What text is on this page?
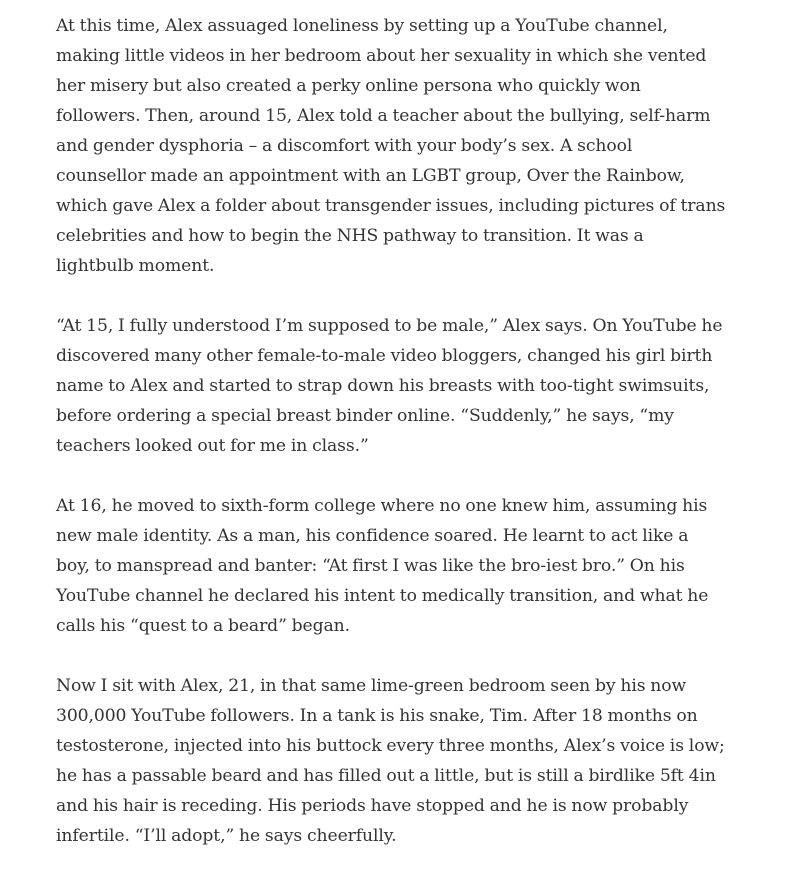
At this time, Alex assuaged loneliness by setting up a YouTube channel, making little videos in her bedroom about her sexuality in which she vented her misery but also created a perky online persona who quickly won followers. Then, around 15, Alex told a teacher about the bullying, self-harm and gender dysphoria – a discomfort with your body’s sex. A school counsellor made an appointment with an LGBT group, Over the Rainbow, which gave Alex a folder about transgender issues, including pictures of trans celebrities and how to begin the NHS pathway to transition. It was a lightbulb moment.

“At 15, I fully understood I’m supposed to be male,” Alex says. On YouTube he discovered many other female-to-male video bloggers, changed his girl birth name to Alex and started to strap down his breasts with too-tight swimsuits, before ordering a special breast binder online. “Suddenly,” he says, “my teachers looked out for me in class.”

At 16, he moved to sixth-form college where no one knew him, assuming his new male identity. As a man, his confidence soared. He learnt to act like a boy, to manspread and banter: “At first I was like the bro-iest bro.” On his YouTube channel he declared his intent to medically transition, and what he calls his “quest to a beard” began.

Now I sit with Alex, 21, in that same lime-green bedroom seen by his now 300,000 YouTube followers. In a tank is his snake, Tim. After 18 months on testosterone, injected into his buttock every three months, Alex’s voice is low; he has a passable beard and has filled out a little, but is still a birdlike 5ft 4in and his hair is receding. His periods have stopped and he is now probably infertile. “I’ll adopt,” he says cheerfully.
